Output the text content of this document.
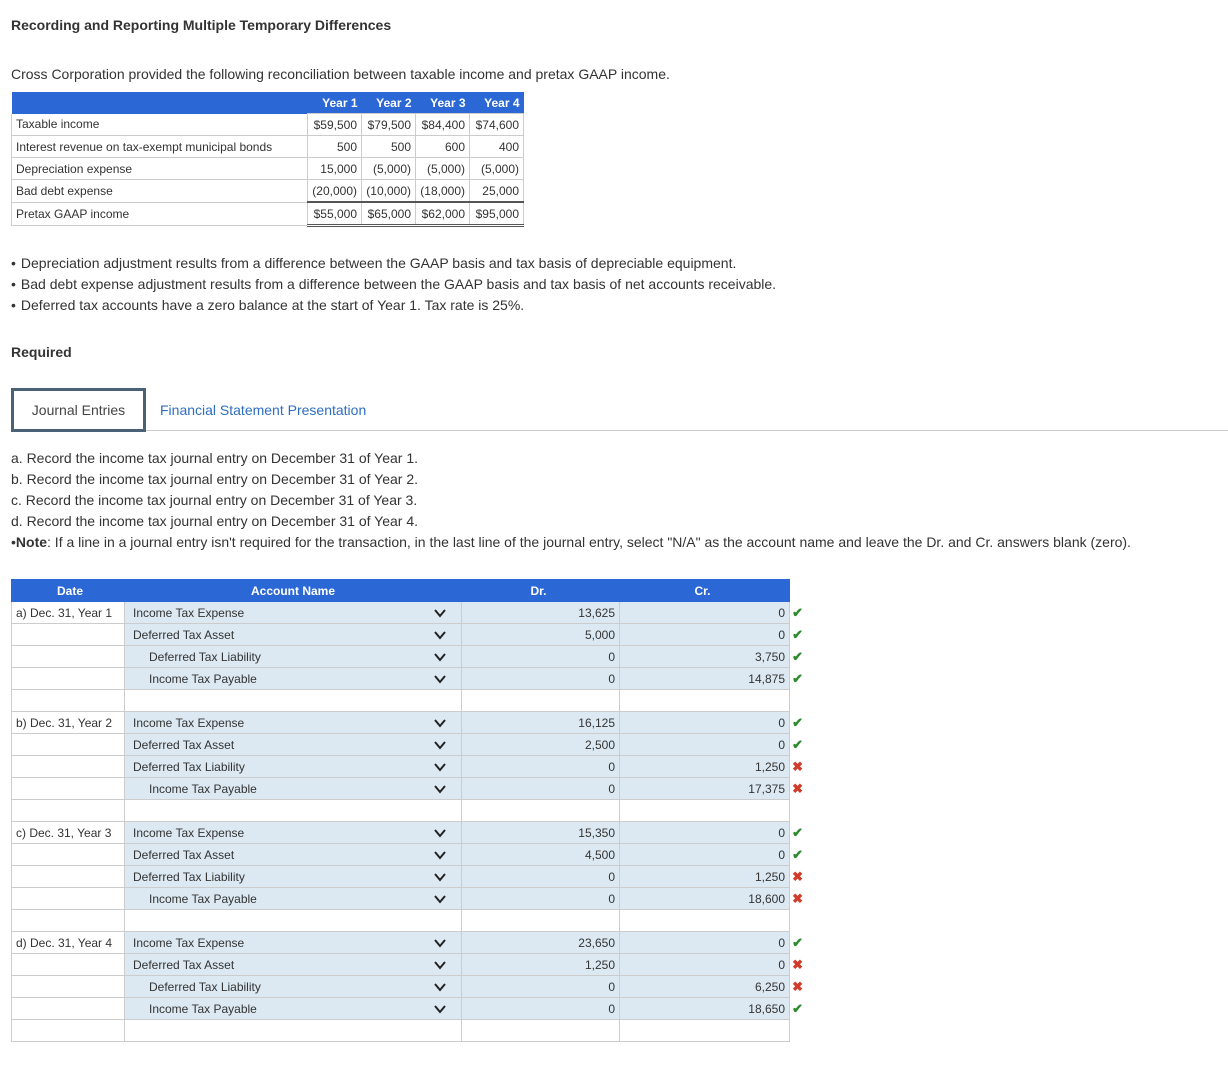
Recording and Reporting Multiple Temporary Differences
Cross Corporation provided the following reconciliation between taxable income and pretax GAAP income.
	Year 1	Year 2	Year 3	Year 4
Taxable income	$59,500	$79,500	$84,400	$74,600
Interest revenue on tax-exempt municipal bonds	500	500	600	400
Depreciation expense	15,000	(5,000)	(5,000)	(5,000)
Bad debt expense	(20,000)	(10,000)	(18,000)	25,000
Pretax GAAP income	$55,000	$65,000	$62,000	$95,000
• Depreciation adjustment results from a difference between the GAAP basis and tax basis of depreciable equipment.
• Bad debt expense adjustment results from a difference between the GAAP basis and tax basis of net accounts receivable.
• Deferred tax accounts have a zero balance at the start of Year 1. Tax rate is 25%.
Required
Journal Entries	Financial Statement Presentation
a. Record the income tax journal entry on December 31 of Year 1.
b. Record the income tax journal entry on December 31 of Year 2.
c. Record the income tax journal entry on December 31 of Year 3.
d. Record the income tax journal entry on December 31 of Year 4.
•Note: If a line in a journal entry isn't required for the transaction, in the last line of the journal entry, select "N/A" as the account name and leave the Dr. and Cr. answers blank (zero).
Date	Account Name	Dr.	Cr.
a) Dec. 31, Year 1	Income Tax Expense	13,625	0 ✔

	Deferred Tax Asset	5,000	0 ✔

	Deferred Tax Liability	0	3,750 ✔

	Income Tax Payable	0	14,875 ✔

b) Dec. 31, Year 2	Income Tax Expense	16,125	0 ✔

	Deferred Tax Asset	2,500	0 ✔

	Deferred Tax Liability	0	1,250 ✖

	Income Tax Payable	0	17,375 ✖

c) Dec. 31, Year 3	Income Tax Expense	15,350	0 ✔

	Deferred Tax Asset	4,500	0 ✔

	Deferred Tax Liability	0	1,250 ✖

	Income Tax Payable	0	18,600 ✖

d) Dec. 31, Year 4	Income Tax Expense	23,650	0 ✔

	Deferred Tax Asset	1,250	0 ✖

	Deferred Tax Liability	0	6,250 ✖

	Income Tax Payable	0	18,650 ✔
